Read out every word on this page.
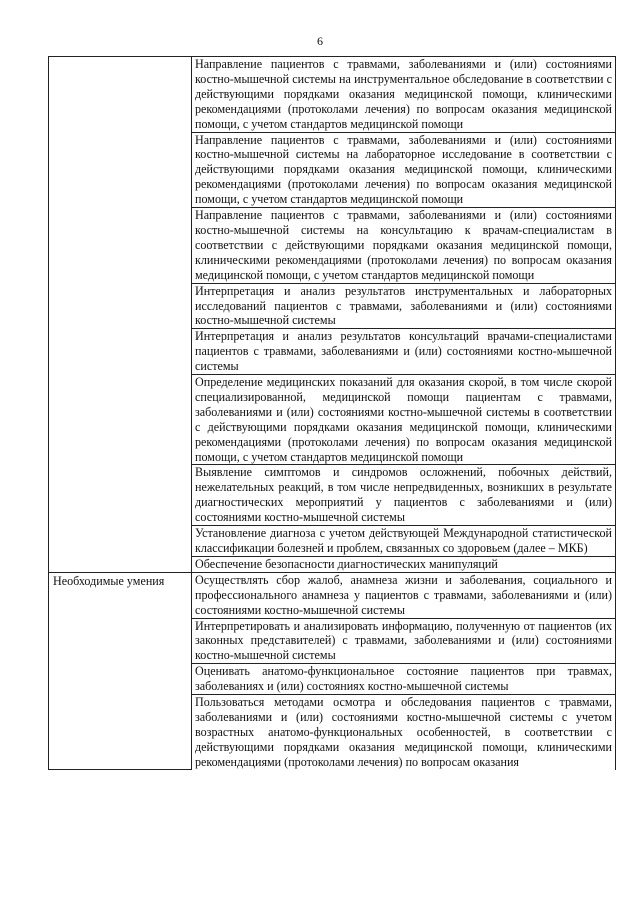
6
	Направление пациентов с травмами, заболеваниями и (или) состояниями костно-мышечной системы на инструментальное обследование в соответствии с действующими порядками оказания медицинской помощи, клиническими рекомендациями (протоколами лечения) по вопросам оказания медицинской помощи, с учетом стандартов медицинской помощи
	Направление пациентов с травмами, заболеваниями и (или) состояниями костно-мышечной системы на лабораторное исследование в соответствии с действующими порядками оказания медицинской помощи, клиническими рекомендациями (протоколами лечения) по вопросам оказания медицинской помощи, с учетом стандартов медицинской помощи
	Направление пациентов с травмами, заболеваниями и (или) состояниями костно-мышечной системы на консультацию к врачам-специалистам в соответствии с действующими порядками оказания медицинской помощи, клиническими рекомендациями (протоколами лечения) по вопросам оказания медицинской помощи, с учетом стандартов медицинской помощи
	Интерпретация и анализ результатов инструментальных и лабораторных исследований пациентов с травмами, заболеваниями и (или) состояниями костно-мышечной системы
	Интерпретация и анализ результатов консультаций врачами-специалистами пациентов с травмами, заболеваниями и (или) состояниями костно-мышечной системы
	Определение медицинских показаний для оказания скорой, в том числе скорой специализированной, медицинской помощи пациентам с травмами, заболеваниями и (или) состояниями костно-мышечной системы в соответствии с действующими порядками оказания медицинской помощи, клиническими рекомендациями (протоколами лечения) по вопросам оказания медицинской помощи, с учетом стандартов медицинской помощи
	Выявление симптомов и синдромов осложнений, побочных действий, нежелательных реакций, в том числе непредвиденных, возникших в результате диагностических мероприятий у пациентов с заболеваниями и (или) состояниями костно-мышечной системы
	Установление диагноза с учетом действующей Международной статистической классификации болезней и проблем, связанных со здоровьем (далее – МКБ)
	Обеспечение безопасности диагностических манипуляций
Необходимые умения	Осуществлять сбор жалоб, анамнеза жизни и заболевания, социального и профессионального анамнеза у пациентов с травмами, заболеваниями и (или) состояниями костно-мышечной системы
	Интерпретировать и анализировать информацию, полученную от пациентов (их законных представителей) с травмами, заболеваниями и (или) состояниями костно-мышечной системы
	Оценивать анатомо-функциональное состояние пациентов при травмах, заболеваниях и (или) состояниях костно-мышечной системы
	Пользоваться методами осмотра и обследования пациентов с травмами, заболеваниями и (или) состояниями костно-мышечной системы с учетом возрастных анатомо-функциональных особенностей, в соответствии с действующими порядками оказания медицинской помощи, клиническими рекомендациями (протоколами лечения) по вопросам оказания
